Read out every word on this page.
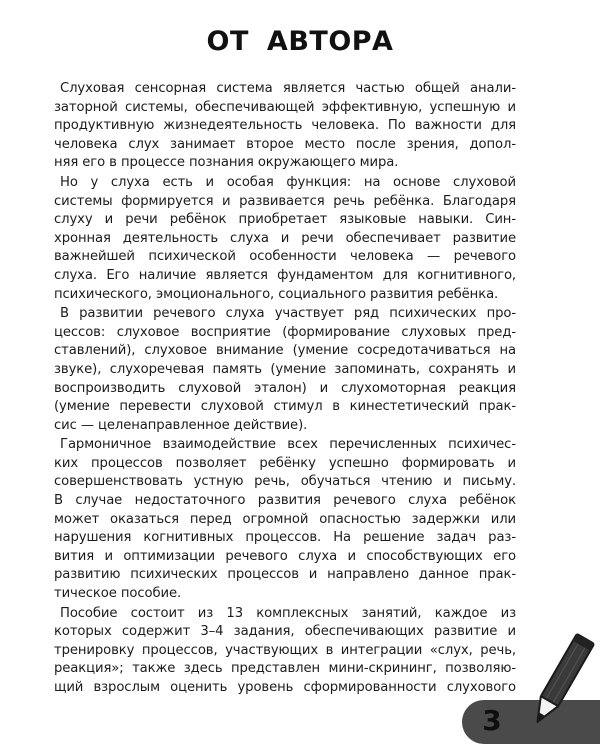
ОТ АВТОРА
Слуховая сенсорная система является частью общей анали-
заторной системы, обеспечивающей эффективную, успешную и
продуктивную жизнедеятельность человека. По важности для
человека слух занимает второе место после зрения, допол-
няя его в процессе познания окружающего мира.
Но у слуха есть и особая функция: на основе слуховой
системы формируется и развивается речь ребёнка. Благодаря
слуху и речи ребёнок приобретает языковые навыки. Син-
хронная деятельность слуха и речи обеспечивает развитие
важнейшей психической особенности человека — речевого
слуха. Его наличие является фундаментом для когнитивного,
психического, эмоционального, социального развития ребёнка.
В развитии речевого слуха участвует ряд психических про-
цессов: слуховое восприятие (формирование слуховых пред-
ставлений), слуховое внимание (умение сосредотачиваться на
звуке), слухоречевая память (умение запоминать, сохранять и
воспроизводить слуховой эталон) и слухомоторная реакция
(умение перевести слуховой стимул в кинестетический прак-
сис — целенаправленное действие).
Гармоничное взаимодействие всех перечисленных психичес-
ких процессов позволяет ребёнку успешно формировать и
совершенствовать устную речь, обучаться чтению и письму.
В случае недостаточного развития речевого слуха ребёнок
может оказаться перед огромной опасностью задержки или
нарушения когнитивных процессов. На решение задач раз-
вития и оптимизации речевого слуха и способствующих его
развитию психических процессов и направлено данное прак-
тическое пособие.
Пособие состоит из 13 комплексных занятий, каждое из
которых содержит 3–4 задания, обеспечивающих развитие и
тренировку процессов, участвующих в интеграции «слух, речь,
реакция»; также здесь представлен мини-скрининг, позволяю-
щий взрослым оценить уровень сформированности слухового
3
